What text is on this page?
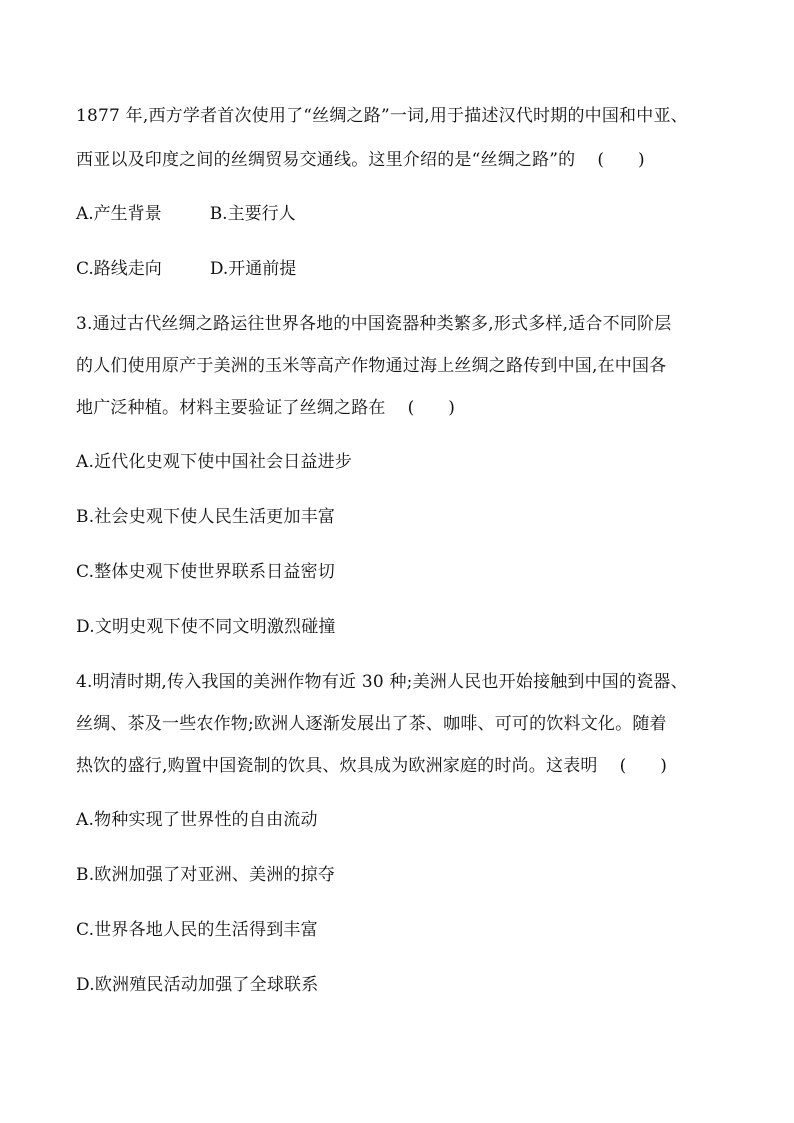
1877 年,西方学者首次使用了“丝绸之路”一词,用于描述汉代时期的中国和中亚、
西亚以及印度之间的丝绸贸易交通线。这里介绍的是“丝绸之路”的 (　　)
A.产生背景	B.主要行人
C.路线走向	D.开通前提
3.通过古代丝绸之路运往世界各地的中国瓷器种类繁多,形式多样,适合不同阶层
的人们使用原产于美洲的玉米等高产作物通过海上丝绸之路传到中国,在中国各
地广泛种植。材料主要验证了丝绸之路在 (　　)
A.近代化史观下使中国社会日益进步
B.社会史观下使人民生活更加丰富
C.整体史观下使世界联系日益密切
D.文明史观下使不同文明激烈碰撞
4.明清时期,传入我国的美洲作物有近 30 种;美洲人民也开始接触到中国的瓷器、
丝绸、茶及一些农作物;欧洲人逐渐发展出了茶、咖啡、可可的饮料文化。随着
热饮的盛行,购置中国瓷制的饮具、炊具成为欧洲家庭的时尚。这表明 (　　)
A.物种实现了世界性的自由流动
B.欧洲加强了对亚洲、美洲的掠夺
C.世界各地人民的生活得到丰富
D.欧洲殖民活动加强了全球联系
